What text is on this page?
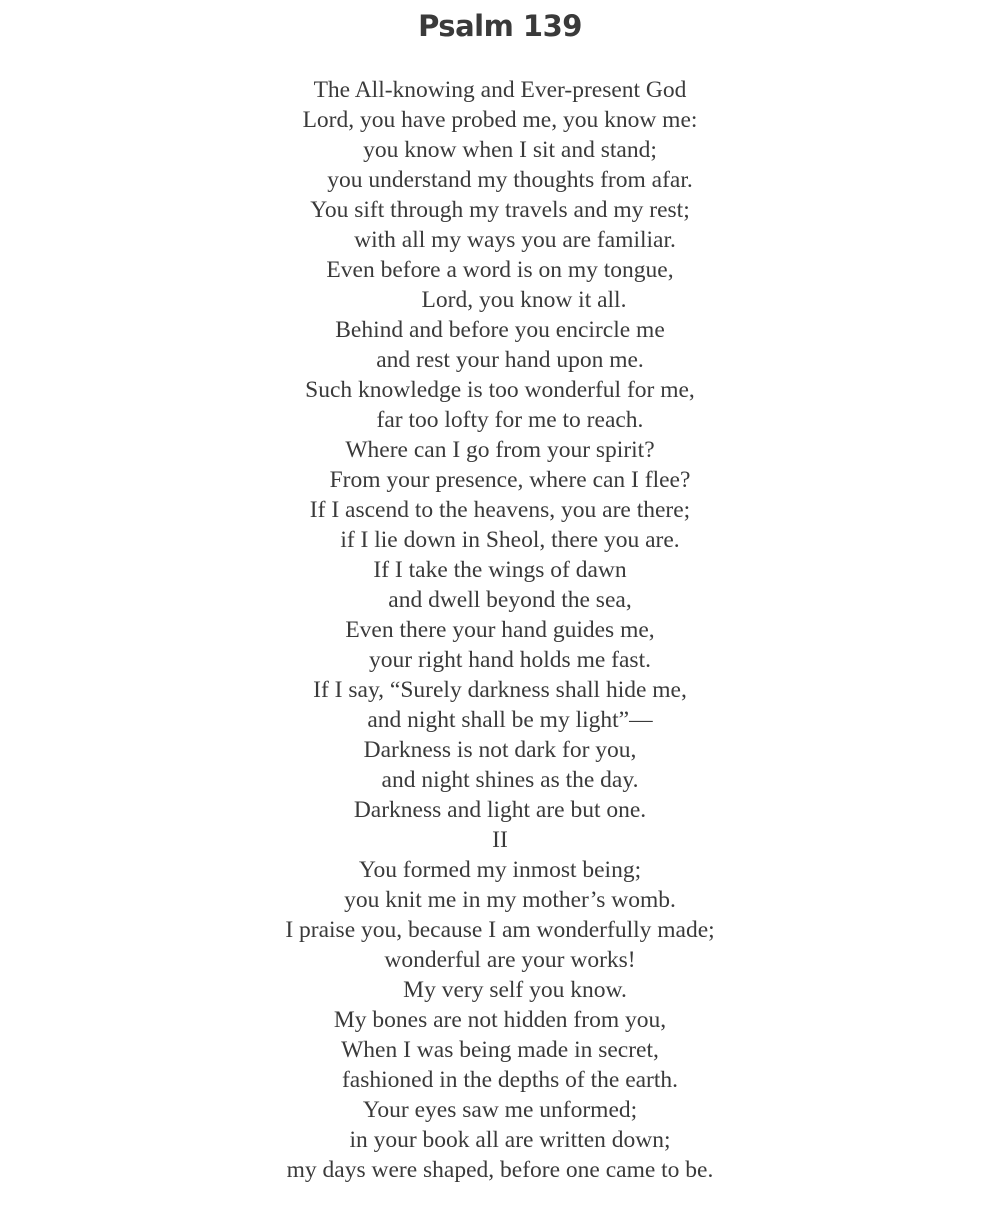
Psalm 139
The All-knowing and Ever-present God
Lord, you have probed me, you know me:
you know when I sit and stand;
you understand my thoughts from afar.
You sift through my travels and my rest;
with all my ways you are familiar.
Even before a word is on my tongue,
Lord, you know it all.
Behind and before you encircle me
and rest your hand upon me.
Such knowledge is too wonderful for me,
far too lofty for me to reach.
Where can I go from your spirit?
From your presence, where can I flee?
If I ascend to the heavens, you are there;
if I lie down in Sheol, there you are.
If I take the wings of dawn
and dwell beyond the sea,
Even there your hand guides me,
your right hand holds me fast.
If I say, “Surely darkness shall hide me,
and night shall be my light”—
Darkness is not dark for you,
and night shines as the day.
Darkness and light are but one.
II
You formed my inmost being;
you knit me in my mother’s womb.
I praise you, because I am wonderfully made;
wonderful are your works!
My very self you know.
My bones are not hidden from you,
When I was being made in secret,
fashioned in the depths of the earth.
Your eyes saw me unformed;
in your book all are written down;
my days were shaped, before one came to be.
